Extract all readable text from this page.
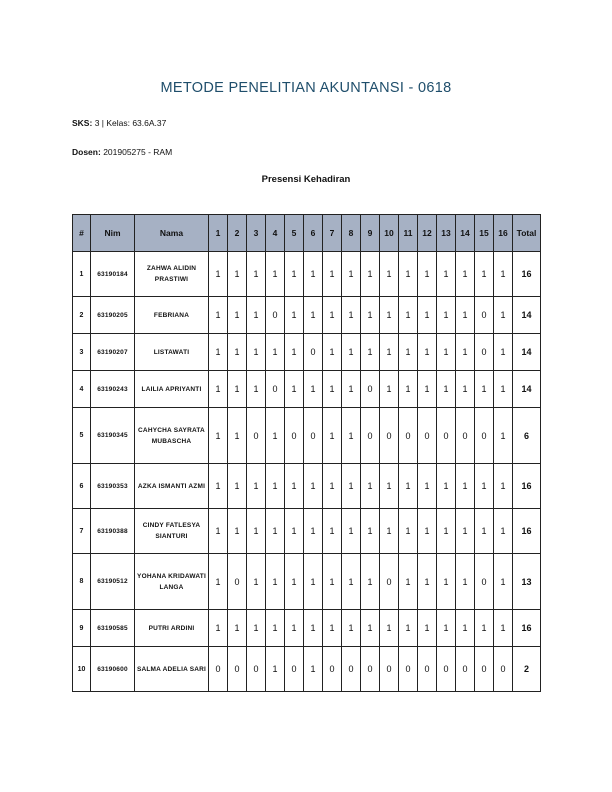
METODE PENELITIAN AKUNTANSI - 0618
SKS: 3 | Kelas: 63.6A.37
Dosen: 201905275 - RAM
Presensi Kehadiran
#	Nim	Nama	1	2	3	4	5	6	7	8	9	10	11	12	13	14	15	16	Total
1	63190184	ZAHWA ALIDIN PRASTIWI	1	1	1	1	1	1	1	1	1	1	1	1	1	1	1	1	16
2	63190205	FEBRIANA	1	1	1	0	1	1	1	1	1	1	1	1	1	1	0	1	14
3	63190207	LISTAWATI	1	1	1	1	1	0	1	1	1	1	1	1	1	1	0	1	14
4	63190243	LAILIA APRIYANTI	1	1	1	0	1	1	1	1	0	1	1	1	1	1	1	1	14
5	63190345	CAHYCHA SAYRATA MUBASCHA	1	1	0	1	0	0	1	1	0	0	0	0	0	0	0	1	6
6	63190353	AZKA ISMANTI AZMI	1	1	1	1	1	1	1	1	1	1	1	1	1	1	1	1	16
7	63190388	CINDY FATLESYA SIANTURI	1	1	1	1	1	1	1	1	1	1	1	1	1	1	1	1	16
8	63190512	YOHANA KRIDAWATI LANGA	1	0	1	1	1	1	1	1	1	0	1	1	1	1	0	1	13
9	63190585	PUTRI ARDINI	1	1	1	1	1	1	1	1	1	1	1	1	1	1	1	1	16
10	63190600	SALMA ADELIA SARI	0	0	0	1	0	1	0	0	0	0	0	0	0	0	0	0	2
